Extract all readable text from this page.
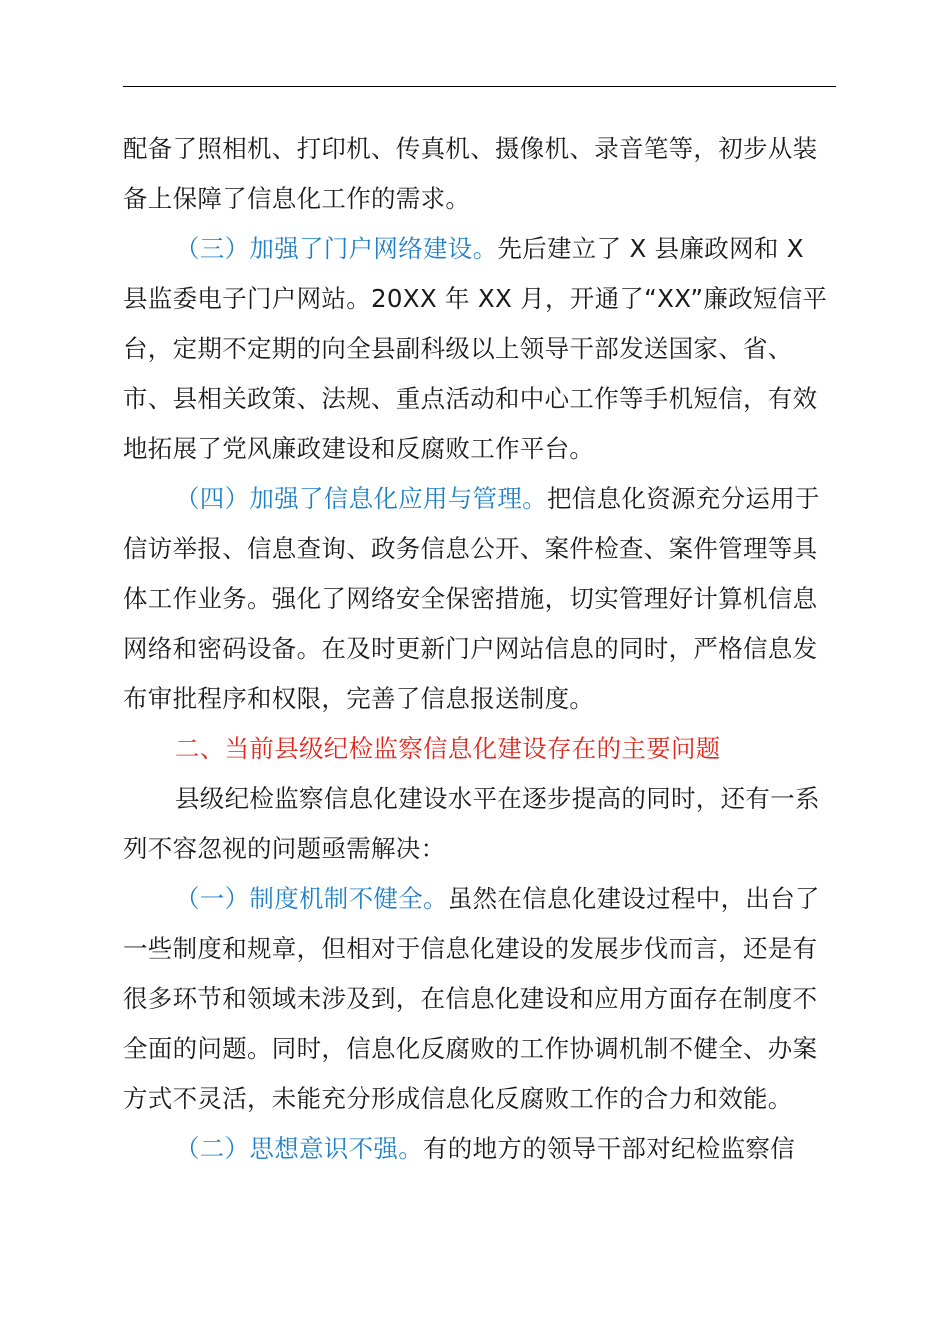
配备了照相机、打印机、传真机、摄像机、录音笔等，初步从装备上保障了信息化工作的需求。

（三）加强了门户网络建设。先后建立了 X 县廉政网和 X 县监委电子门户网站。20XX 年 XX 月，开通了“XX”廉政短信平台，定期不定期的向全县副科级以上领导干部发送国家、省、市、县相关政策、法规、重点活动和中心工作等手机短信，有效地拓展了党风廉政建设和反腐败工作平台。

（四）加强了信息化应用与管理。把信息化资源充分运用于信访举报、信息查询、政务信息公开、案件检查、案件管理等具体工作业务。强化了网络安全保密措施，切实管理好计算机信息网络和密码设备。在及时更新门户网站信息的同时，严格信息发布审批程序和权限，完善了信息报送制度。

二、当前县级纪检监察信息化建设存在的主要问题

县级纪检监察信息化建设水平在逐步提高的同时，还有一系列不容忽视的问题亟需解决：

（一）制度机制不健全。虽然在信息化建设过程中，出台了一些制度和规章，但相对于信息化建设的发展步伐而言，还是有很多环节和领域未涉及到，在信息化建设和应用方面存在制度不全面的问题。同时，信息化反腐败的工作协调机制不健全、办案方式不灵活，未能充分形成信息化反腐败工作的合力和效能。

（二）思想意识不强。有的地方的领导干部对纪检监察信
